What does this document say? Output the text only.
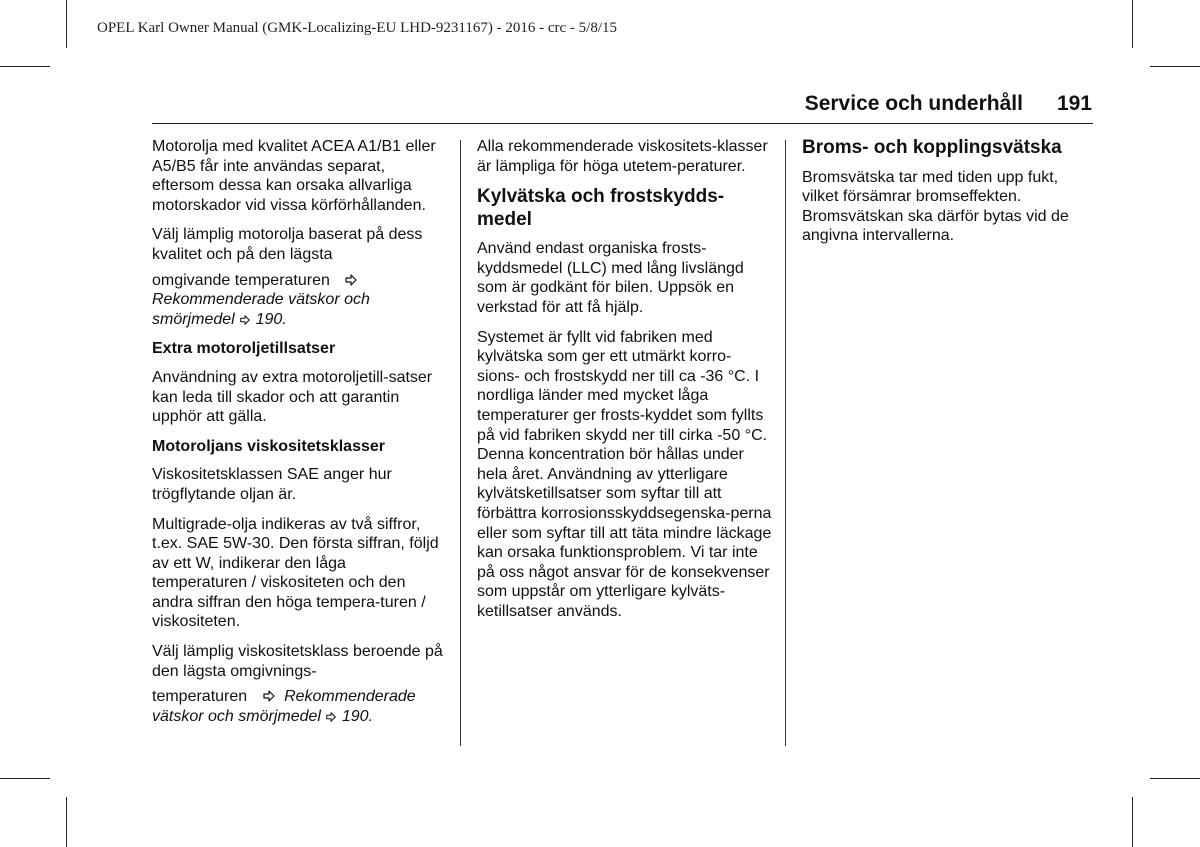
OPEL Karl Owner Manual (GMK-Localizing-EU LHD-9231167) - 2016 - crc - 5/8/15
Service och underhåll 191

Motorolja med kvalitet ACEA A1/B1 eller A5/B5 får inte användas separat, eftersom dessa kan orsaka allvarliga motorskador vid vissa körförhållanden.

Välj lämplig motorolja baserat på dess kvalitet och på den lägsta
omgivande temperaturen

Rekommenderade vätskor och smörjmedel 190.

Extra motoroljetillsatser

Användning av extra motoroljetill-satser kan leda till skador och att garantin upphör att gälla.

Motoroljans viskositetsklasser

Viskositetsklassen SAE anger hur trögflytande oljan är.

Multigrade-olja indikeras av två siffror, t.ex. SAE 5W-30. Den första siffran, följd av ett W, indikerar den låga temperaturen / viskositeten och den andra siffran den höga tempera-turen / viskositeten.

Välj lämplig viskositetsklass beroende på den lägsta omgivnings-
temperaturen Rekommenderade
vätskor och smörjmedel 190.

Alla rekommenderade viskositets-klasser är lämpliga för höga utetem-peraturer.

Kylvätska och frostskydds-medel

Använd endast organiska frosts-kyddsmedel (LLC) med lång livslängd som är godkänt för bilen. Uppsök en verkstad för att få hjälp.

Systemet är fyllt vid fabriken med kylvätska som ger ett utmärkt korro-sions- och frostskydd ner till ca -36 °C. I nordliga länder med mycket låga temperaturer ger frosts-kyddet som fyllts på vid fabriken skydd ner till cirka -50 °C. Denna koncentration bör hållas under hela året. Användning av ytterligare kylvätsketillsatser som syftar till att förbättra korrosionsskyddsegenska-perna eller som syftar till att täta mindre läckage kan orsaka funktionsproblem. Vi tar inte på oss något ansvar för de konsekvenser som uppstår om ytterligare kylväts-ketillsatser används.

Broms- och kopplingsvätska

Bromsvätska tar med tiden upp fukt, vilket försämrar bromseffekten. Bromsvätskan ska därför bytas vid de angivna intervallerna.
